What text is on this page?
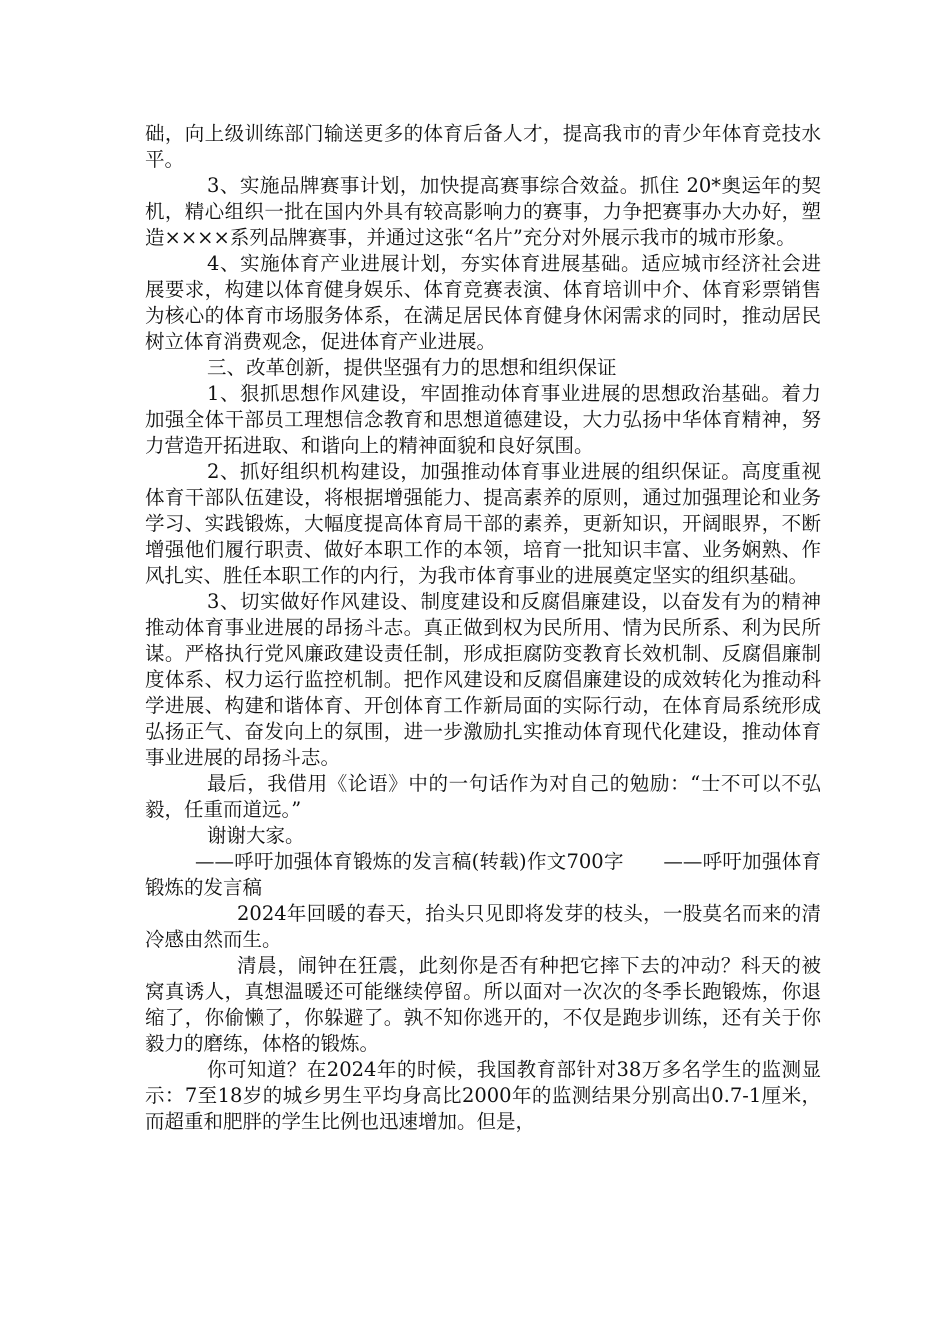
础，向上级训练部门输送更多的体育后备人才，提高我市的青少年体育竞技水平。

3、实施品牌赛事计划，加快提高赛事综合效益。抓住 20*奥运年的契机，精心组织一批在国内外具有较高影响力的赛事，力争把赛事办大办好，塑造××××系列品牌赛事，并通过这张“名片”充分对外展示我市的城市形象。

4、实施体育产业进展计划，夯实体育进展基础。适应城市经济社会进展要求，构建以体育健身娱乐、体育竞赛表演、体育培训中介、体育彩票销售为核心的体育市场服务体系，在满足居民体育健身休闲需求的同时，推动居民树立体育消费观念，促进体育产业进展。

三、改革创新，提供坚强有力的思想和组织保证

1、狠抓思想作风建设，牢固推动体育事业进展的思想政治基础。着力加强全体干部员工理想信念教育和思想道德建设，大力弘扬中华体育精神，努力营造开拓进取、和谐向上的精神面貌和良好氛围。

2、抓好组织机构建设，加强推动体育事业进展的组织保证。高度重视体育干部队伍建设，将根据增强能力、提高素养的原则，通过加强理论和业务学习、实践锻炼，大幅度提高体育局干部的素养，更新知识，开阔眼界，不断增强他们履行职责、做好本职工作的本领，培育一批知识丰富、业务娴熟、作风扎实、胜任本职工作的内行，为我市体育事业的进展奠定坚实的组织基础。

3、切实做好作风建设、制度建设和反腐倡廉建设，以奋发有为的精神推动体育事业进展的昂扬斗志。真正做到权为民所用、情为民所系、利为民所谋。严格执行党风廉政建设责任制，形成拒腐防变教育长效机制、反腐倡廉制度体系、权力运行监控机制。把作风建设和反腐倡廉建设的成效转化为推动科学进展、构建和谐体育、开创体育工作新局面的实际行动，在体育局系统形成弘扬正气、奋发向上的氛围，进一步激励扎实推动体育现代化建设，推动体育事业进展的昂扬斗志。

最后，我借用《论语》中的一句话作为对自己的勉励：“士不可以不弘毅，任重而道远。”

谢谢大家。

——呼吁加强体育锻炼的发言稿(转载)作文700字　　——呼吁加强体育锻炼的发言稿

2024年回暖的春天，抬头只见即将发芽的枝头，一股莫名而来的清冷感由然而生。

清晨，闹钟在狂震，此刻你是否有种把它摔下去的冲动？科天的被窝真诱人，真想温暖还可能继续停留。所以面对一次次的冬季长跑锻炼，你退缩了，你偷懒了，你躲避了。孰不知你逃开的，不仅是跑步训练，还有关于你毅力的磨练，体格的锻炼。

你可知道？在2024年的时候，我国教育部针对38万多名学生的监测显示：7至18岁的城乡男生平均身高比2000年的监测结果分别高出0.7-1厘米，而超重和肥胖的学生比例也迅速增加。但是，
